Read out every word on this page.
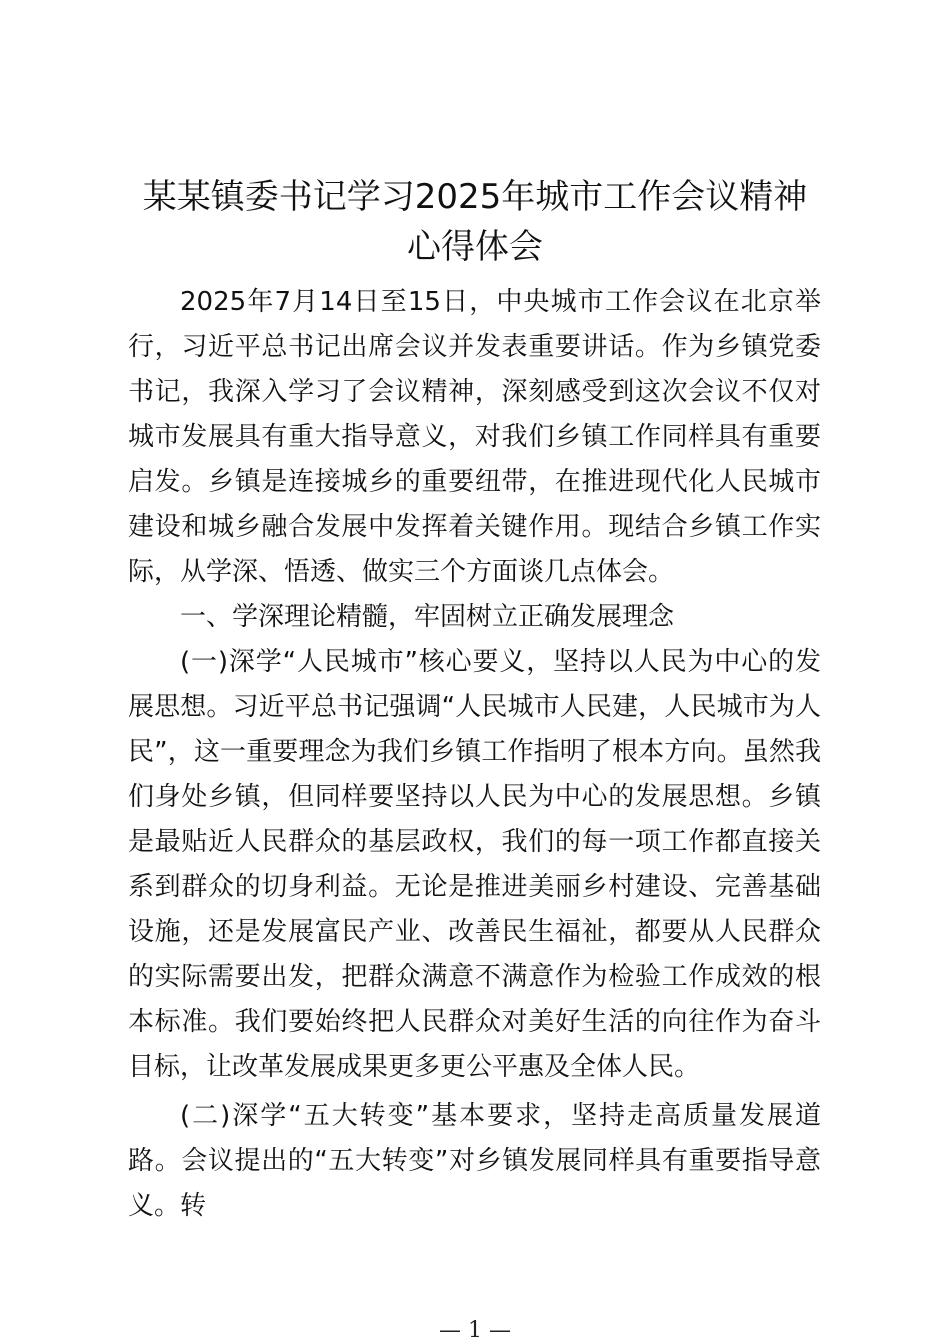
某某镇委书记学习2025年城市工作会议精神
心得体会

2025年7月14日至15日，中央城市工作会议在北京举行，习近平总书记出席会议并发表重要讲话。作为乡镇党委书记，我深入学习了会议精神，深刻感受到这次会议不仅对城市发展具有重大指导意义，对我们乡镇工作同样具有重要启发。乡镇是连接城乡的重要纽带，在推进现代化人民城市建设和城乡融合发展中发挥着关键作用。现结合乡镇工作实际，从学深、悟透、做实三个方面谈几点体会。

一、学深理论精髓，牢固树立正确发展理念

(一)深学“人民城市”核心要义，坚持以人民为中心的发展思想。习近平总书记强调“人民城市人民建，人民城市为人民”，这一重要理念为我们乡镇工作指明了根本方向。虽然我们身处乡镇，但同样要坚持以人民为中心的发展思想。乡镇是最贴近人民群众的基层政权，我们的每一项工作都直接关系到群众的切身利益。无论是推进美丽乡村建设、完善基础设施，还是发展富民产业、改善民生福祉，都要从人民群众的实际需要出发，把群众满意不满意作为检验工作成效的根本标准。我们要始终把人民群众对美好生活的向往作为奋斗目标，让改革发展成果更多更公平惠及全体人民。

(二)深学“五大转变”基本要求，坚持走高质量发展道路。会议提出的“五大转变”对乡镇发展同样具有重要指导意义。转

— 1 —
